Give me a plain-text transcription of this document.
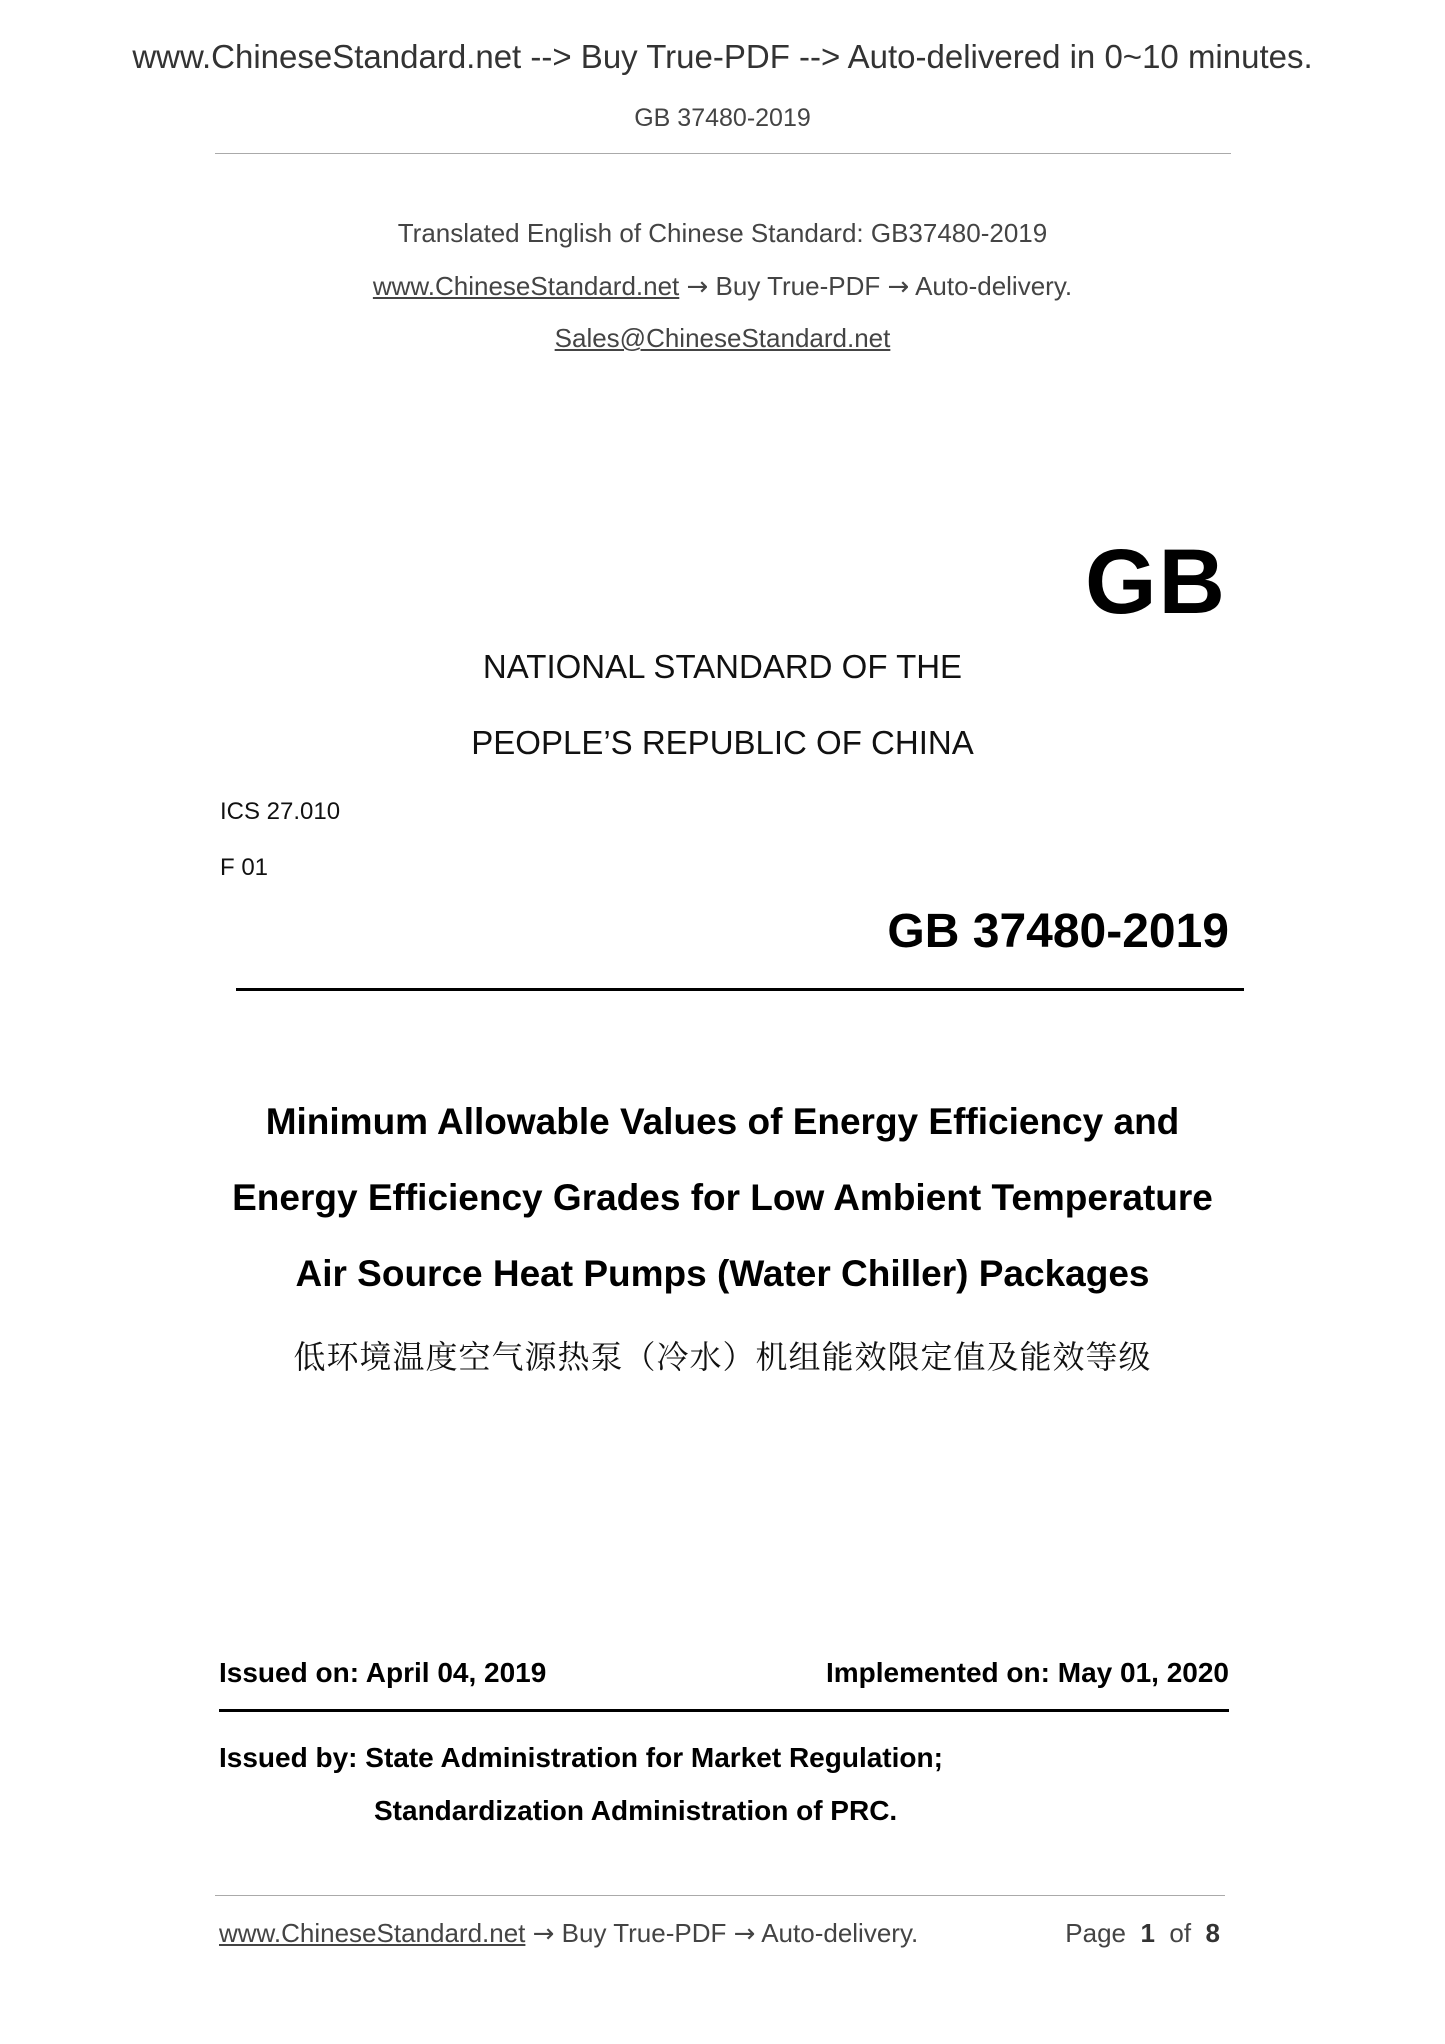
www.ChineseStandard.net --> Buy True-PDF --> Auto-delivered in 0~10 minutes.
GB 37480-2019
Translated English of Chinese Standard: GB37480-2019
www.ChineseStandard.net → Buy True-PDF → Auto-delivery.
Sales@ChineseStandard.net
GB
NATIONAL STANDARD OF THE
PEOPLE’S REPUBLIC OF CHINA
ICS 27.010
F 01
GB 37480-2019
Minimum Allowable Values of Energy Efficiency and
Energy Efficiency Grades for Low Ambient Temperature
Air Source Heat Pumps (Water Chiller) Packages
低环境温度空气源热泵（冷水）机组能效限定值及能效等级
Issued on: April 04, 2019	Implemented on: May 01, 2020
Issued by: State Administration for Market Regulation;
Standardization Administration of PRC.
www.ChineseStandard.net → Buy True-PDF → Auto-delivery.	Page 1 of 8
